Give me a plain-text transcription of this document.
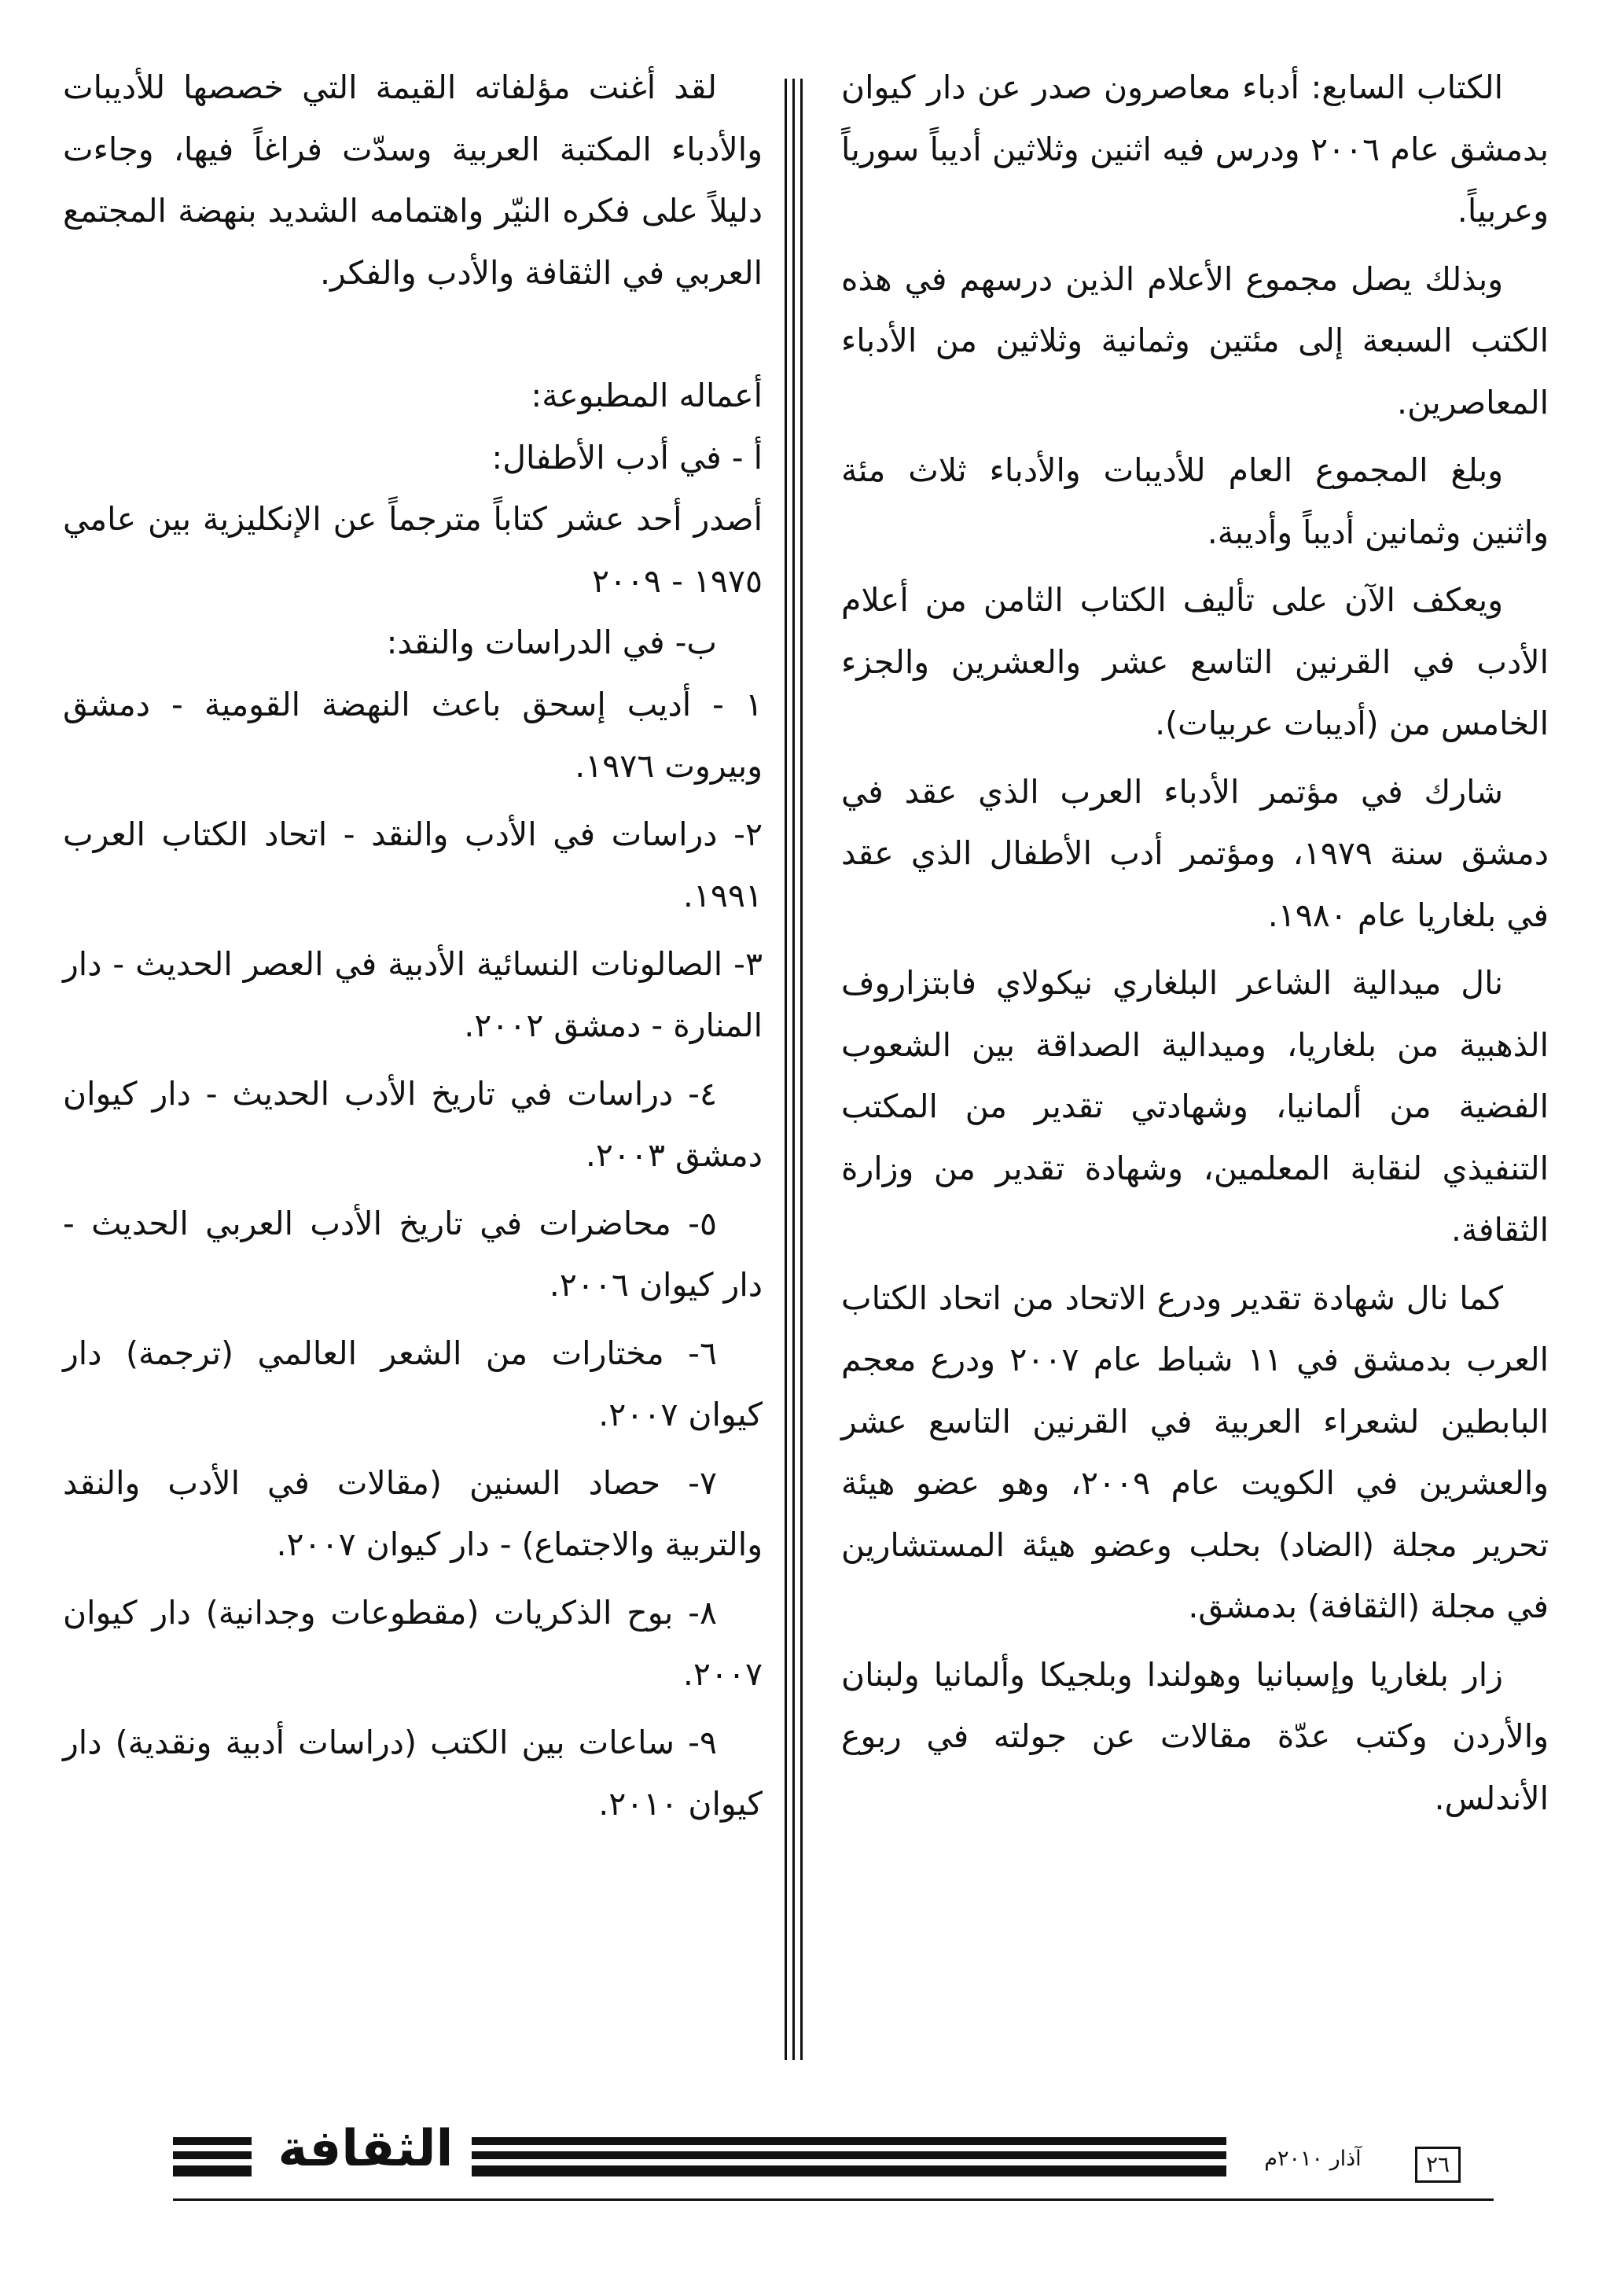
الكتاب السابع: أدباء معاصرون صدر عن دار كيوان بدمشق عام ٢٠٠٦ ودرس فيه اثنين وثلاثين أديباً سورياً وعربياً.

وبذلك يصل مجموع الأعلام الذين درسهم في هذه الكتب السبعة إلى مئتين وثمانية وثلاثين من الأدباء المعاصرين.

وبلغ المجموع العام للأديبات والأدباء ثلاث مئة واثنين وثمانين أديباً وأديبة.

ويعكف الآن على تأليف الكتاب الثامن من أعلام الأدب في القرنين التاسع عشر والعشرين والجزء الخامس من (أديبات عربيات).

شارك في مؤتمر الأدباء العرب الذي عقد في دمشق سنة ١٩٧٩، ومؤتمر أدب الأطفال الذي عقد في بلغاريا عام ١٩٨٠.

نال ميدالية الشاعر البلغاري نيكولاي فابتزاروف الذهبية من بلغاريا، وميدالية الصداقة بين الشعوب الفضية من ألمانيا، وشهادتي تقدير من المكتب التنفيذي لنقابة المعلمين، وشهادة تقدير من وزارة الثقافة.

كما نال شهادة تقدير ودرع الاتحاد من اتحاد الكتاب العرب بدمشق في ١١ شباط عام ٢٠٠٧ ودرع معجم البابطين لشعراء العربية في القرنين التاسع عشر والعشرين في الكويت عام ٢٠٠٩، وهو عضو هيئة تحرير مجلة (الضاد) بحلب وعضو هيئة المستشارين في مجلة (الثقافة) بدمشق.

زار بلغاريا وإسبانيا وهولندا وبلجيكا وألمانيا ولبنان والأردن وكتب عدّة مقالات عن جولته في ربوع الأندلس.

لقد أغنت مؤلفاته القيمة التي خصصها للأديبات والأدباء المكتبة العربية وسدّت فراغاً فيها، وجاءت دليلاً على فكره النيّر واهتمامه الشديد بنهضة المجتمع العربي في الثقافة والأدب والفكر.

أعماله المطبوعة:

أ - في أدب الأطفال:

أصدر أحد عشر كتاباً مترجماً عن الإنكليزية بين عامي ١٩٧٥ - ٢٠٠٩

ب- في الدراسات والنقد:

١ - أديب إسحق باعث النهضة القومية - دمشق وبيروت ١٩٧٦.

٢- دراسات في الأدب والنقد - اتحاد الكتاب العرب ١٩٩١.

٣- الصالونات النسائية الأدبية في العصر الحديث - دار المنارة - دمشق ٢٠٠٢.

٤- دراسات في تاريخ الأدب الحديث - دار كيوان دمشق ٢٠٠٣.

٥- محاضرات في تاريخ الأدب العربي الحديث - دار كيوان ٢٠٠٦.

٦- مختارات من الشعر العالمي (ترجمة) دار كيوان ٢٠٠٧.

٧- حصاد السنين (مقالات في الأدب والنقد والتربية والاجتماع) - دار كيوان ٢٠٠٧.

٨- بوح الذكريات (مقطوعات وجدانية) دار كيوان ٢٠٠٧.

٩- ساعات بين الكتب (دراسات أدبية ونقدية) دار كيوان ٢٠١٠.

الثقافة	آذار ٢٠١٠م	٢٦
